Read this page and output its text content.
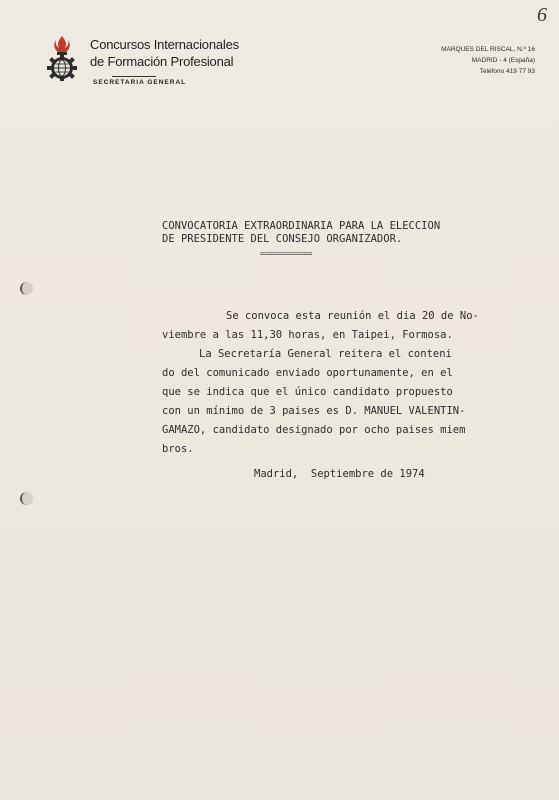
6
Concursos Internacionales
de Formación Profesional
SECRETARIA GENERAL
MARQUES DEL RISCAL, N.º 16
MADRID - 4 (España)
Teléfono 419 77 93
CONVOCATORIA EXTRAORDINARIA PARA LA ELECCION
DE PRESIDENTE DEL CONSEJO ORGANIZADOR.
============
Se convoca esta reunión el dia 20 de No-
viembre a las 11,30 horas, en Taipei, Formosa.
La Secretaría General reitera el conteni
do del comunicado enviado oportunamente, en el
que se indica que el único candidato propuesto
con un mínimo de 3 paises es D. MANUEL VALENTIN-
GAMAZO, candidato designado por ocho paises miem
bros.
Madrid,  Septiembre de 1974
